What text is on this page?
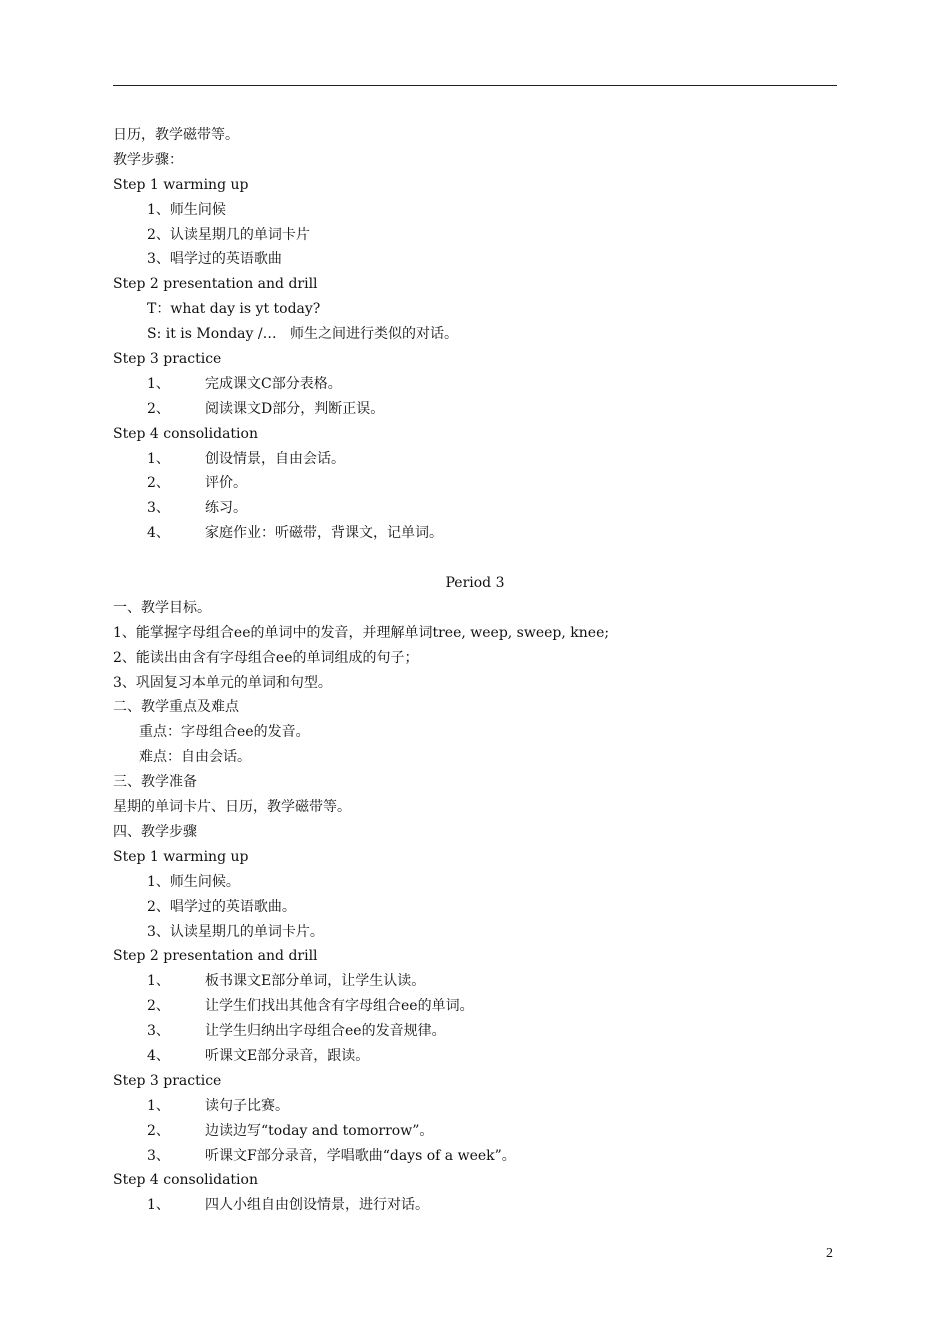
日历，教学磁带等。
教学步骤：
Step 1 warming up
1、师生问候
2、认读星期几的单词卡片
3、唱学过的英语歌曲
Step 2 presentation and drill
T：what day is yt today?
S: it is Monday /…   师生之间进行类似的对话。
Step 3 practice
1、	完成课文C部分表格。
2、	阅读课文D部分，判断正误。
Step 4 consolidation
1、	创设情景，自由会话。
2、	评价。
3、	练习。
4、	家庭作业：听磁带，背课文，记单词。
Period 3
一、教学目标。
1、能掌握字母组合ee的单词中的发音，并理解单词tree, weep, sweep, knee;
2、能读出由含有字母组合ee的单词组成的句子；
3、巩固复习本单元的单词和句型。
二、教学重点及难点
重点：字母组合ee的发音。
难点：自由会话。
三、教学准备
星期的单词卡片、日历，教学磁带等。
四、教学步骤
Step 1 warming up
1、师生问候。
2、唱学过的英语歌曲。
3、认读星期几的单词卡片。
Step 2 presentation and drill
1、	板书课文E部分单词，让学生认读。
2、	让学生们找出其他含有字母组合ee的单词。
3、	让学生归纳出字母组合ee的发音规律。
4、	听课文E部分录音，跟读。
Step 3 practice
1、	读句子比赛。
2、	边读边写“today and tomorrow”。
3、	听课文F部分录音，学唱歌曲“days of a week”。
Step 4 consolidation
1、	四人小组自由创设情景，进行对话。
2
